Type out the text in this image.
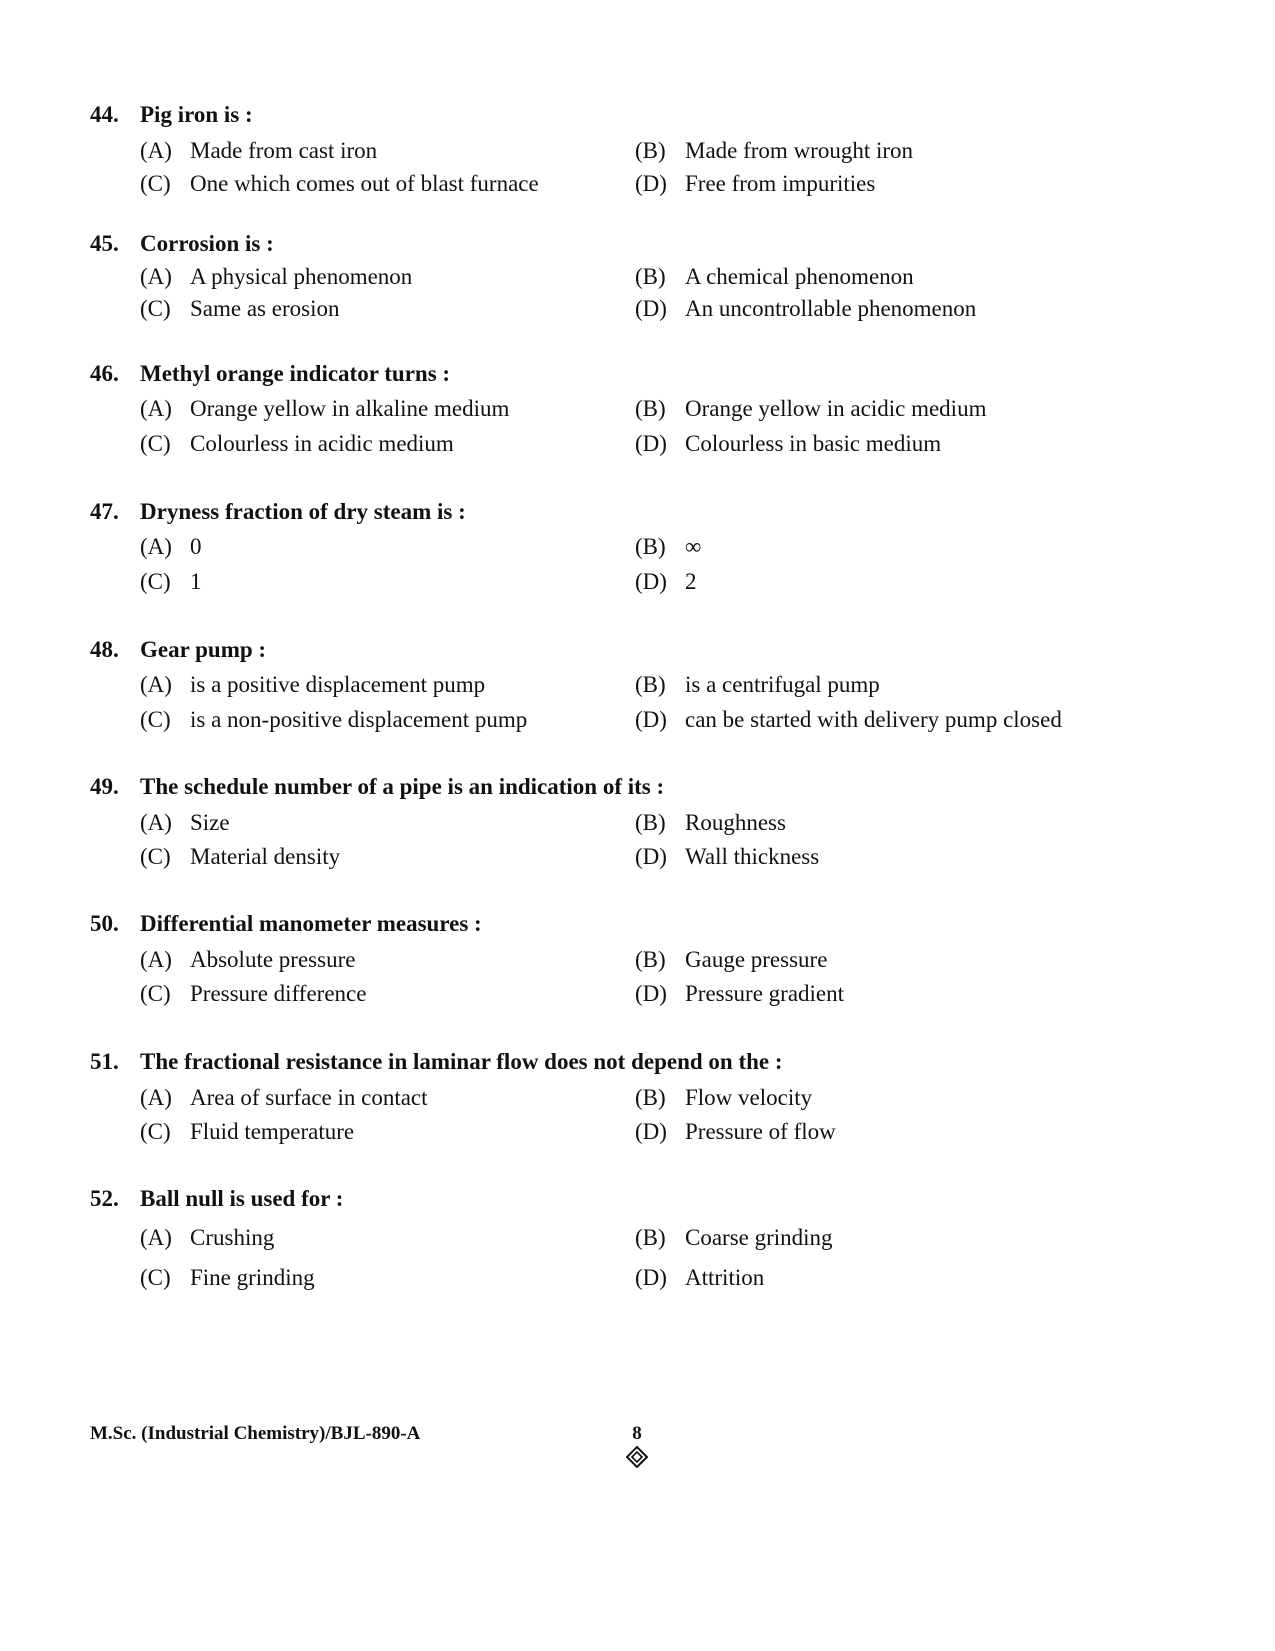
44. Pig iron is :
(A) Made from cast iron	(B) Made from wrought iron
(C) One which comes out of blast furnace	(D) Free from impurities
45. Corrosion is :
(A) A physical phenomenon	(B) A chemical phenomenon
(C) Same as erosion	(D) An uncontrollable phenomenon
46. Methyl orange indicator turns :
(A) Orange yellow in alkaline medium	(B) Orange yellow in acidic medium
(C) Colourless in acidic medium	(D) Colourless in basic medium
47. Dryness fraction of dry steam is :
(A) 0	(B) ∞
(C) 1	(D) 2
48. Gear pump :
(A) is a positive displacement pump	(B) is a centrifugal pump
(C) is a non-positive displacement pump	(D) can be started with delivery pump closed
49. The schedule number of a pipe is an indication of its :
(A) Size	(B) Roughness
(C) Material density	(D) Wall thickness
50. Differential manometer measures :
(A) Absolute pressure	(B) Gauge pressure
(C) Pressure difference	(D) Pressure gradient
51. The fractional resistance in laminar flow does not depend on the :
(A) Area of surface in contact	(B) Flow velocity
(C) Fluid temperature	(D) Pressure of flow
52. Ball null is used for :
(A) Crushing	(B) Coarse grinding
(C) Fine grinding	(D) Attrition
M.Sc. (Industrial Chemistry)/BJL-890-A	8
